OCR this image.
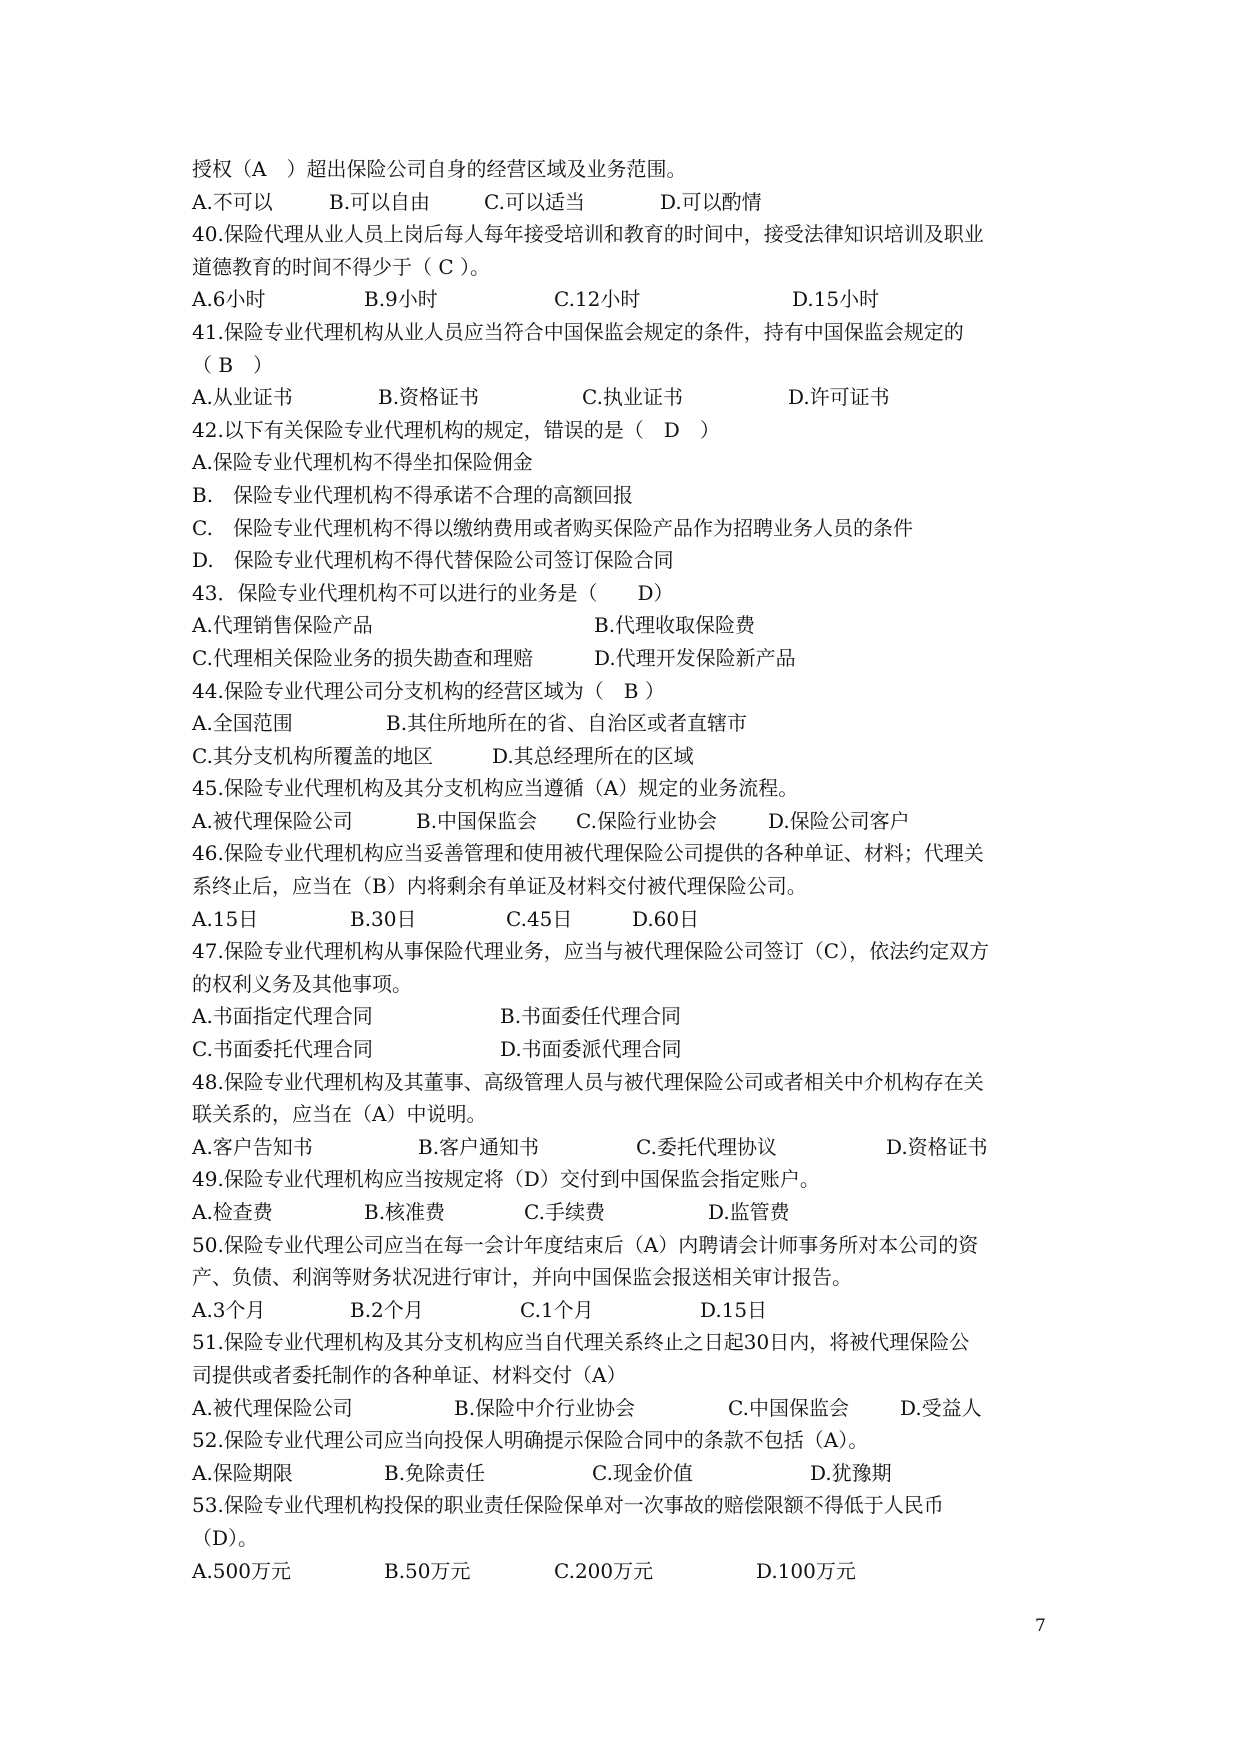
授权（A　）超出保险公司自身的经营区域及业务范围。
A.不可以	B.可以自由	C.可以适当	D.可以酌情
40.保险代理从业人员上岗后每人每年接受培训和教育的时间中，接受法律知识培训及职业
道德教育的时间不得少于（ C ）。
A.6小时	B.9小时	C.12小时	D.15小时
41.保险专业代理机构从业人员应当符合中国保监会规定的条件，持有中国保监会规定的
（ B　）
A.从业证书	B.资格证书	C.执业证书	D.许可证书
42.以下有关保险专业代理机构的规定，错误的是（　D　）
A.保险专业代理机构不得坐扣保险佣金
B.　保险专业代理机构不得承诺不合理的高额回报
C.　保险专业代理机构不得以缴纳费用或者购买保险产品作为招聘业务人员的条件
D.　保险专业代理机构不得代替保险公司签订保险合同
43．保险专业代理机构不可以进行的业务是（　　D）
A.代理销售保险产品	B.代理收取保险费
C.代理相关保险业务的损失勘查和理赔	D.代理开发保险新产品
44.保险专业代理公司分支机构的经营区域为（　B ）
A.全国范围	B.其住所地所在的省、自治区或者直辖市
C.其分支机构所覆盖的地区	D.其总经理所在的区域
45.保险专业代理机构及其分支机构应当遵循（A）规定的业务流程。
A.被代理保险公司	B.中国保监会 C.保险行业协会	D.保险公司客户
46.保险专业代理机构应当妥善管理和使用被代理保险公司提供的各种单证、材料；代理关
系终止后，应当在（B）内将剩余有单证及材料交付被代理保险公司。
A.15日	B.30日	C.45日	D.60日
47.保险专业代理机构从事保险代理业务，应当与被代理保险公司签订（C），依法约定双方
的权利义务及其他事项。
A.书面指定代理合同	B.书面委任代理合同
C.书面委托代理合同	D.书面委派代理合同
48.保险专业代理机构及其董事、高级管理人员与被代理保险公司或者相关中介机构存在关
联关系的，应当在（A）中说明。
A.客户告知书	B.客户通知书	C.委托代理协议	D.资格证书
49.保险专业代理机构应当按规定将（D）交付到中国保监会指定账户。
A.检查费	B.核准费	C.手续费	D.监管费
50.保险专业代理公司应当在每一会计年度结束后（A）内聘请会计师事务所对本公司的资
产、负债、利润等财务状况进行审计，并向中国保监会报送相关审计报告。
A.3个月	B.2个月	C.1个月	D.15日
51.保险专业代理机构及其分支机构应当自代理关系终止之日起30日内，将被代理保险公
司提供或者委托制作的各种单证、材料交付（A）
A.被代理保险公司	B.保险中介行业协会	C.中国保监会	D.受益人
52.保险专业代理公司应当向投保人明确提示保险合同中的条款不包括（A）。
A.保险期限	B.免除责任	C.现金价值	D.犹豫期
53.保险专业代理机构投保的职业责任保险保单对一次事故的赔偿限额不得低于人民币
（D）。
A.500万元	B.50万元	C.200万元	D.100万元
7
